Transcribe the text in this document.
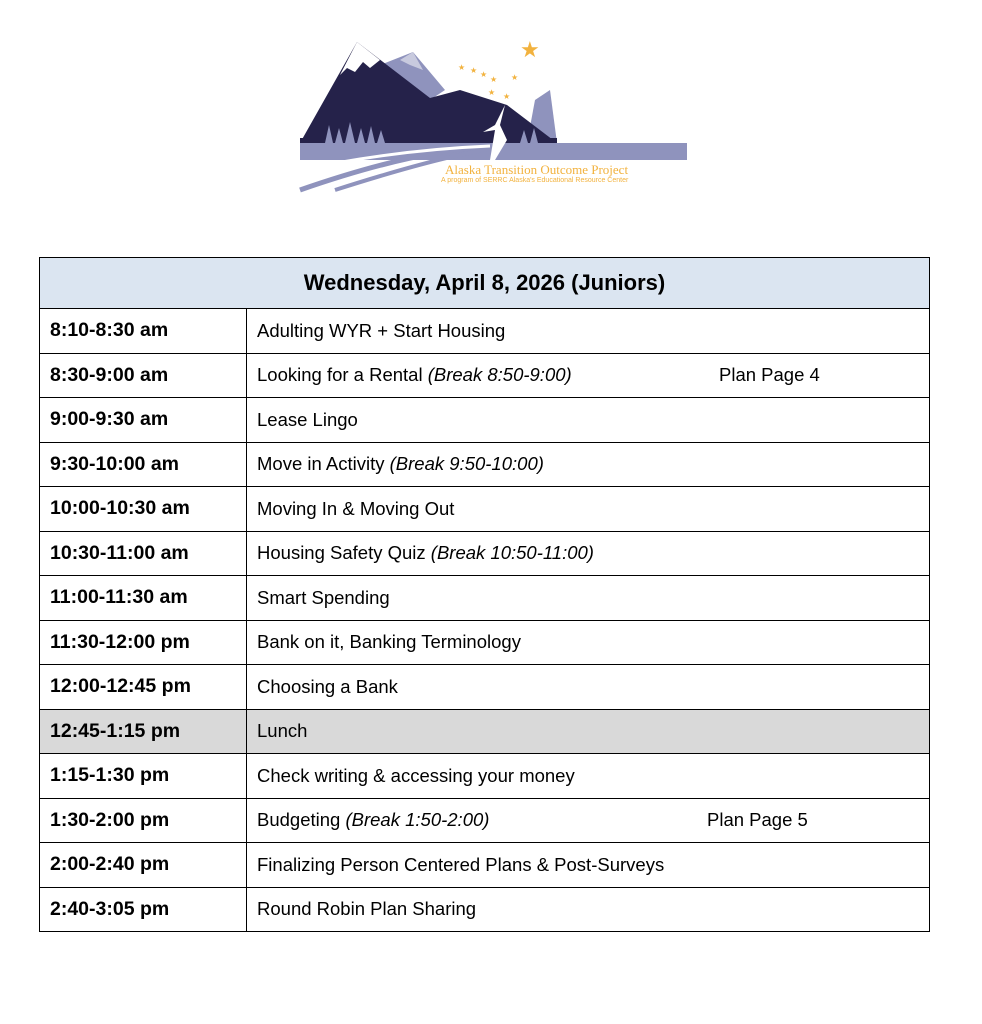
★ ★ ★
★ ★
★ ★
★
Alaska Transition Outcome Project
A program of SERRC Alaska's Educational Resource Center
Wednesday, April 8, 2026 (Juniors)	
8:10-8:30 am	Adulting WYR + Start Housing
8:30-9:00 am	Looking for a Rental (Break 8:50-9:00) Plan Page 4

9:00-9:30 am	Lease Lingo
9:30-10:00 am	Move in Activity (Break 9:50-10:00)
10:00-10:30 am	Moving In & Moving Out
10:30-11:00 am	Housing Safety Quiz (Break 10:50-11:00)
11:00-11:30 am	Smart Spending
11:30-12:00 pm	Bank on it, Banking Terminology
12:00-12:45 pm	Choosing a Bank
12:45-1:15 pm	Lunch
1:15-1:30 pm	Check writing & accessing your money
1:30-2:00 pm	Budgeting (Break 1:50-2:00) Plan Page 5

2:00-2:40 pm	Finalizing Person Centered Plans & Post-Surveys
2:40-3:05 pm	Round Robin Plan Sharing
